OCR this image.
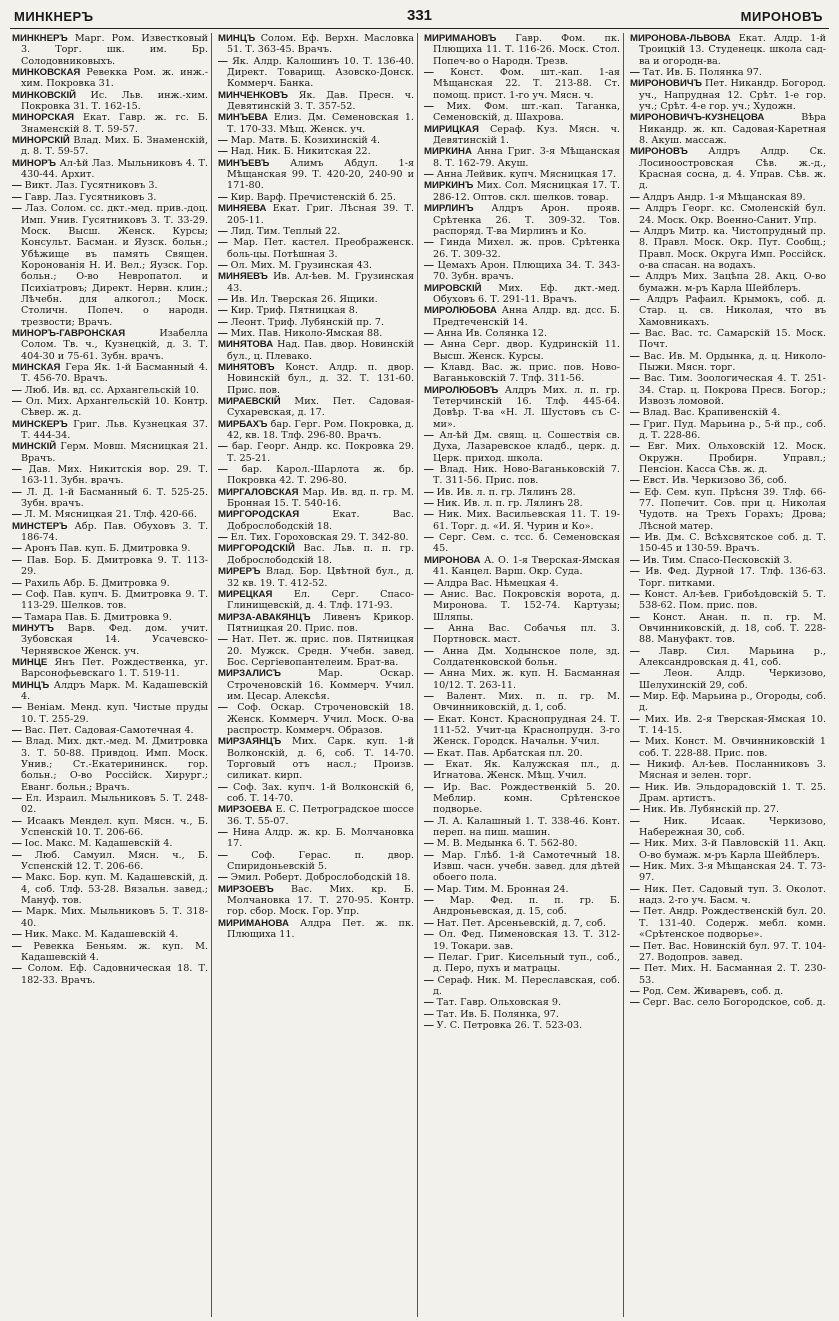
МИНКНЕРЪ	331	МИРОНОВЪ

МИНКНЕРЪ Марг. Ром. Известковый 3. Торг. шк. им. Бр. Солодовниковыхъ.

МИНКОВСКАЯ Ревекка Ром. ж. инж.-хим. Покровка 31.

МИНКОВСКІЙ Ис. Льв. инж.-хим. Покровка 31. Т. 162-15.

МИНОРСКАЯ Екат. Гавр. ж. гс. Б. Знаменскій 8. Т. 59-57.

МИНОРСКІЙ Влад. Мих. Б. Знаменскій, д. 8. Т. 59-57.

МИНОРЪ Ал-ѣй Лаз. Мыльниковъ 4. Т. 430-44. Архит.

— Викт. Лаз. Гусятниковъ 3.

— Гавр. Лаз. Гусятниковъ 3.

— Лаз. Солом. сс. дкт.-мед. прив.-доц. Имп. Унив. Гусятниковъ 3. Т. 33-29. Моск. Высш. Женск. Курсы; Консульт. Басман. и Яузск. больн.; Убѣжище въ память Священ. Коронованія Н. И. Вел.; Яузск. Гор. больн.; О-во Невропатол. и Психіатровъ; Директ. Нервн. клин.; Лѣчебн. для алкогол.; Моск. Столичн. Попеч. о народн. трезвости; Врачъ.

МИНОРЪ-ГАВРОНСКАЯ	Изабелла Солом. Тв. ч., Кузнецкій, д. 3. Т. 404-30 и 75-61. Зубн. врачъ.

МИНСКАЯ Гера Як. 1-й Басманный 4. Т. 456-70. Врачъ.

— Люб. Ив. вд. сс. Архангельскій 10.

— Ол. Мих. Архангельскій 10. Контр. Сѣвер. ж. д.

МИНСКЕРЪ Григ. Льв. Кузнецкая 37. Т. 444-34.

МИНСКІЙ Герм. Мовш. Мясницкая 21. Врачъ.

— Дав. Мих. Никитскія вор. 29. Т. 163-11. Зубн. врачъ.

— Л. Д. 1-й Басманный 6. Т. 525-25. Зубн. врачъ.

— Л. М. Мясницкая 21. Тлф. 420-66.

МИНСТЕРЪ Абр. Пав. Обуховъ 3. Т. 186-74.

— Аронъ Пав. куп. Б. Дмитровка 9.

— Пав. Бор. Б. Дмитровка 9. Т. 113-29.

— Рахиль Абр. Б. Дмитровка 9.

— Соф. Пав. купч. Б. Дмитровка 9. Т. 113-29. Шелков. тов.

— Тамара Пав. Б. Дмитровка 9.

МИНУТЪ Варв. Фед. дом. учит. Зубовская 14. Усачевско-Чернявское Женск. уч.

МИНЦЕ Янъ Пет. Рождественка, уг. Варсонофьевскаго 1. Т. 519-11.

МИНЦЪ Алдръ Марк. М. Кадашевскій 4.

— Веніам. Менд. куп. Чистые пруды 10. Т. 255-29.

— Вас. Пет. Садовая-Самотечная 4.

— Влад. Мих. дкт.-мед. М. Дмитровка 3. Т. 50-88. Привдоц. Имп. Моск. Унив.; Ст.-Екатерининск. гор. больн.; О-во Россійск. Хирург.; Еванг. больн.; Врачъ.

— Ел. Израил. Мыльниковъ 5. Т. 248-02.

— Исаакъ Мендел. куп. Мясн. ч., Б. Успенскій 10. Т. 206-66.

— Іос. Макс. М. Кадашевскій 4.

— Люб. Самуил. Мясн. ч., Б. Успенскій 12. Т. 206-66.

— Макс. Бор. куп. М. Кадашевскій, д. 4, соб. Тлф. 53-28. Вязальн. завед.; Мануф. тов.

— Марк. Мих. Мыльниковъ 5. Т. 318-40.

— Ник. Макс. М. Кадашевскій 4.

— Ревекка Беньям. ж. куп. М. Кадашевскій 4.

— Солом. Еф. Садовническая 18. Т. 182-33. Врачъ.

МИНЦЪ Солом. Еф. Верхн. Масловка 51. Т. 363-45. Врачъ.

— Як. Алдр. Калошинъ 10. Т. 136-40. Директ. Товарищ. Азовско-Донск. Коммерч. Банка.

МИНЧЕНКОВЪ Як. Дав. Пресн. ч. Девятинскій 3. Т. 357-52.

МИНЪЕВА Елиз. Дм. Семеновская 1. Т. 170-33. Мѣщ. Женск. уч.

— Мар. Матв. Б. Козихинскій 4.

— Над. Ник. Б. Никитская 22.

МИНЪЕВЪ Алимъ Абдул. 1-я Мѣщанская 99. Т. 420-20, 240-90 и 171-80.

— Кир. Варф. Пречистенскій б. 25.

МИНЯЕВА Екат. Григ. Лѣсная 39. Т. 205-11.

— Лид. Тим. Теплый 22.

— Мар. Пет. кастел. Преображенск. боль-цы. Потѣшная 3.

— Ол. Мих. М. Грузинская 43.

МИНЯЕВЪ Ив. Ал-ѣев. М. Грузинская 43.

— Ив. Ил. Тверская 26. Ящики.

— Кир. Триф. Пятницкая 8.

— Леонт. Триф. Лубянскій пр. 7.

— Мих. Пав. Николо-Ямская 88.

МИНЯТОВА Над. Пав. двор. Новинскій бул., ц. Плевако.

МИНЯТОВЪ Конст. Алдр. п. двор. Новинскій бул., д. 32. Т. 131-60. Прис. пов.

МИРАЕВСКІЙ Мих. Пет. Садовая-Сухаревская, д. 17.

МИРБАХЪ бар. Герг. Ром. Покровка, д. 42, кв. 18. Тлф. 296-80. Врачъ.

— бар. Георг. Андр. кс. Покровка 29. Т. 25-21.

— бар. Карол.-Шарлота ж. бр. Покровка 42. Т. 296-80.

МИРГАЛОВСКАЯ Мар. Ив. вд. п. гр. М. Бронная 15. Т. 540-16.

МИРГОРОДСКАЯ	Екат. Вас. Доброслободскій 18.

— Ел. Тих. Гороховская 29. Т. 342-80.

МИРГОРОДСКІЙ Вас. Льв. п. п. гр. Доброслободскій 18.

МИРЕРЪ Влад. Бор. Цвѣтной бул., д. 32 кв. 19. Т. 412-52.

МИРЕЦКАЯ Ел. Серг. Спасо-Глинищевскій, д. 4. Тлф. 171-93.

МИРЗА-АВАКЯНЦЪ Ливенъ Крикор. Пятницкая 20. Прис. пов.

— Нат. Пет. ж. прис. пов. Пятницкая 20. Мужск. Средн. Учебн. завед. Бос. Сергіевопантелеим. Брат-ва.

МИРЗАЛИСЪ	Мар. Оскар. Строченовскій 16. Коммерч. Учил. им. Цесар. Алексѣя.

— Соф. Оскар. Строченовскій 18. Женск. Коммерч. Учил. Моск. О-ва распростр. Коммерч. Образов.

МИРЗАЯНЦЪ Мих. Сарк. куп. 1-й Волконскій, д. 6, соб. Т. 14-70. Торговый отъ насл.; Произв. силикат. кирп.

— Соф. Зах. купч. 1-й Волконскій 6, соб. Т. 14-70.

МИРЗОЕВА Е. С. Петроградское шоссе 36. Т. 55-07.

— Нина Алдр. ж. кр. Б. Молчановка 17.

— Соф. Герас. п. двор. Спиридоньевскій 5.

— Эмил. Роберт. Доброслободскій 18.

МИРЗОЕВЪ Вас. Мих. кр. Б. Молчановка 17. Т. 270-95. Контр. гор. сбор. Моск. Гор. Упр.

МИРИМАНОВА Алдра Пет. ж. пк. Плющиха 11.

МИРИМАНОВЪ Гавр. Фом. пк. Плющиха 11. Т. 116-26. Моск. Стол. Попеч-во о Народн. Трезв.

— Конст. Фом. шт.-кап. 1-ая Мѣщанская 22. Т. 213-88. Ст. помощ. прист. 1-го уч. Мясн. ч.

— Мих. Фом. шт.-кап. Таганка, Семеновскій, д. Шахрова.

МИРИЦКАЯ Сераф. Куз. Мясн. ч. Девятинскій 1.

МИРКИНА Анна Григ. 3-я Мѣщанская 8. Т. 162-79. Акуш.

— Анна Лейвик. купч. Мясницкая 17.

МИРКИНЪ Мих. Сол. Мясницкая 17. Т. 286-12. Оптов. скл. шелков. товар.

МИРЛИНЪ Алдръ Арон. прояв. Срѣтенка 26. Т. 309-32. Тов. распоряд. Т-ва Мирлинъ и Ко.

— Гинда Михел. ж. пров. Срѣтенка 26. Т. 309-32.

— Цемахъ Арон. Плющиха 34. Т. 343-70. Зубн. врачъ.

МИРОВСКІЙ Мих. Еф. дкт.-мед. Обуховъ 6. Т. 291-11. Врачъ.

МИРОЛЮБОВА Анна Алдр. вд. дсс. Б. Предтеченскій 14.

— Анна Ив. Солянка 12.

— Анна Серг. двор. Кудринскій 11. Высш. Женск. Курсы.

— Клавд. Вас. ж. прис. пов. Ново-Ваганьковскій 7. Тлф. 311-56.

МИРОЛЮБОВЪ Алдръ Мих. л. п. гр. Тетерчинскій 16. Тлф. 445-64. Довѣр. Т-ва «Н. Л. Шустовъ съ С-ми».

— Ал-ѣй Дм. свящ. ц. Сошествія св. Духа, Лазаревское кладб., церк. д. Церк. приход. школа.

— Влад. Ник. Ново-Ваганьковскій 7. Т. 311-56. Прис. пов.

— Ив. Ив. л. п. гр. Лялинъ 28.

— Ник. Ив. л. п. гр. Лялинъ 28.

— Ник. Мих. Васильевская 11. Т. 19-61. Торг. д. «И. Я. Чурин и Ко».

— Серг. Сем. с. тсс. б. Семеновская 45.

МИРОНОВА А. О. 1-я Тверская-Ямская 41. Канцел. Варш. Окр. Суда.

— Алдра Вас. Нѣмецкая 4.

— Анис. Вас. Покровскія ворота, д. Миронова. Т. 152-74. Картузы; Шляпы.

— Анна Вас. Собачья пл. 3. Портновск. маст.

— Анна Дм. Ходынское поле, зд. Солдатенковской больн.

— Анна Мих. ж. куп. Н. Басманная 10/12. Т. 263-11.

— Валент. Мих. п. п. гр. М. Овчинниковскій, д. 1, соб.

— Екат. Конст. Краснопрудная 24. Т. 111-52. Учит-ца Краснопрудн. 3-го Женск. Городск. Начальн. Учил.

— Екат. Пав. Арбатская пл. 20.

— Екат. Як. Калужская пл., д. Игнатова. Женск. Мѣщ. Учил.

— Ир. Вас. Рождественкій 5. 20. Меблир. комн. Срѣтенское подворье.

— Л. А. Калашный 1. Т. 338-46. Конт. переп. на пиш. машин.

— М. В. Медынка 6. Т. 562-80.

— Мар. Глѣб. 1-й Самотечный 18. Извш. часн. учебн. завед. для дѣтей обоего пола.

— Мар. Тим. М. Бронная 24.

— Мар. Фед. п. п. гр. Б. Андроньевская, д. 15, соб.

— Нат. Пет. Арсеньевскій, д. 7, соб.

— Ол. Фед. Пименовская 13. Т. 312-19. Токари. зав.

— Пелаг. Григ. Кисельный туп., соб., д. Перо, пухъ и матрацы.

— Сераф. Ник. М. Переславская, соб. д.

— Тат. Гавр. Ольховская 9.

— Тат. Ив. Б. Полянка, 97.

— У. С. Петровка 26. Т. 523-03.

МИРОНОВА-ЛЬВОВА Екат. Алдр. 1-й Троицкій 13. Студенецк. школа сад-ва и огородн-ва.

— Тат. Ив. Б. Полянка 97.

МИРОНОВИЧЪ Пет. Никандр. Богород. уч., Напрудная 12. Срѣт. 1-е гор. уч.; Срѣт. 4-е гор. уч.; Художн.

МИРОНОВИЧЪ-КУЗНЕЦОВА	Вѣра Никандр. ж. кп. Садовая-Каретная 8. Акуш. массаж.

МИРОНОВЪ Алдръ Алдр. Ск. Лосиноостровская Сѣв. ж.-д., Красная сосна, д. 4. Управ. Сѣв. ж. д.

— Алдръ Андр. 1-я Мѣщанская 89.

— Алдръ Георг. кс. Смоленскій бул. 24. Моск. Окр. Военно-Санит. Упр.

— Алдръ Митр. ка. Чистопрудный пр. 8. Правл. Моск. Окр. Пут. Сообщ.; Правл. Моск. Округа Имп. Россійск. о-ва спасан. на водахъ.

— Алдръ Мих. Зацѣпа 28. Акц. О-во бумажн. м-ръ Карла Шейблеръ.

— Алдръ Рафаил. Крымокъ, соб. д. Стар. ц. св. Николая, что въ Хамовникахъ.

— Вас. Вас. тс. Самарскій 15. Моск. Почт.

— Вас. Ив. М. Ордынка, д. ц. Николо-Пыжи. Мясн. торг.

— Вас. Тим. Зоологическая 4. Т. 251-34. Стар. ц. Покрова Пресв. Богор.; Извозъ ломовой.

— Влад. Вас. Крапивенскій 4.

— Григ. Пуд. Марьина р., 5-й пр., соб. д. Т. 228-86.

— Евг. Мих. Ольховскій 12. Моск. Окружн. Пробирн. Управл.; Пенсіон. Касса Сѣв. ж. д.

— Евст. Ив. Черкизово 36, соб.

— Еф. Сем. куп. Прѣсня 39. Тлф. 66-77. Попечит. Сов. при ц. Николая Чудотв. на Трехъ Горахъ; Дрова; Лѣсной матер.

— Ив. Дм. С. Всѣхсвятское соб. д. Т. 150-45 и 130-59. Врачъ.

— Ив. Тим. Спасо-Песковскій 3.

— Ив. Фед. Дурной 17. Тлф. 136-63. Торг. питками.

— Конст. Ал-ѣев. Грибоѣдовскій 5. Т. 538-62. Пом. прис. пов.

— Конст. Анан. п. п. гр. М. Овчинниковскій, д. 18, соб. Т. 228-88. Мануфакт. тов.

— Лавр. Сил. Марьина р., Александровская д. 41, соб.

—	Леон. Алдр. Черкизово, Шелухинскій 29, соб.

— Мир. Еф. Марьина р., Огороды, соб. д.

— Мих. Ив. 2-я Тверская-Ямская 10. Т. 14-15.

— Мих. Конст. М. Овчинниковскій 1 соб. Т. 228-88. Прис. пов.

— Никиф. Ал-ѣев. Посланниковъ 3. Мясная и зелен. торг.

— Ник. Ив. Эльдорадовскій 1. Т. 25. Драм. артистъ.

— Ник. Ив. Лубянскій пр. 27.

— Ник. Исаак. Черкизово, Набережная 30, соб.

— Ник. Мих. 3-й Павловскій 11. Акц. О-во бумаж. м-ръ Карла Шейблеръ.

— Ник. Мих. 3-я Мѣщанская 24. Т. 73-97.

— Ник. Пет. Садовый туп. 3. Околот. надз. 2-го уч. Басм. ч.

— Пет. Андр. Рождественскій бул. 20. Т. 131-40. Содерж. мебл. комн. «Срѣтенское подворье».

— Пет. Вас. Новинскій бул. 97. Т. 104-27. Водопров. завед.

— Пет. Мих. Н. Басманная 2. Т. 230-53.

— Род. Сем. Живаревъ, соб. д.

— Серг. Вас. село Богородское, соб. д.
